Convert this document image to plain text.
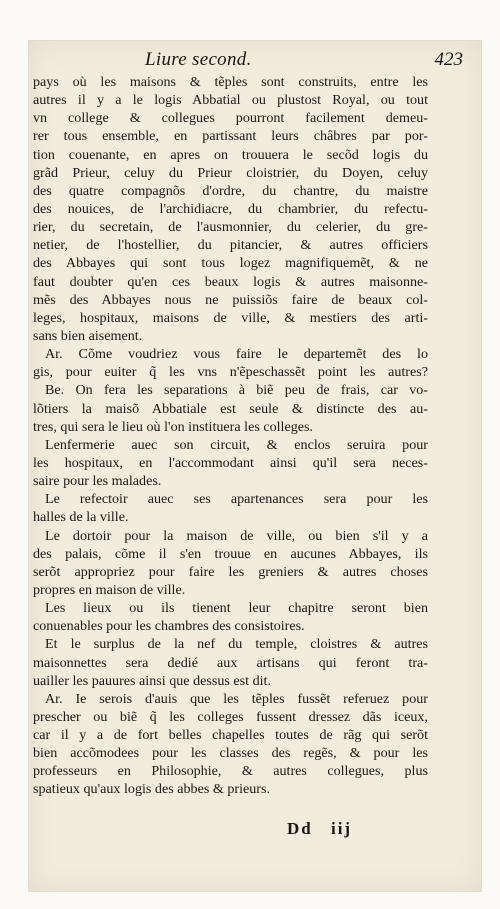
Liure second.	423
pays où les maisons & tẽples sont construits, entre les
autres il y a le logis Abbatial ou plustost Royal, ou tout
vn college & collegues pourront facilement demeu-
rer tous ensemble, en partissant leurs châbres par por-
tion couenante, en apres on trouuera le secõd logis du
grãd Prieur, celuy du Prieur cloistrier, du Doyen, celuy
des quatre compagnõs d'ordre, du chantre, du maistre
des nouices, de l'archidiacre, du chambrier, du refectu-
rier, du secretain, de l'ausmonnier, du celerier, du gre-
netier, de l'hostellier, du pitancier, & autres officiers
des Abbayes qui sont tous logez magnifiquemẽt, & ne
faut doubter qu'en ces beaux logis & autres maisonne-
mẽs des Abbayes nous ne puissiõs faire de beaux col-
leges, hospitaux, maisons de ville, & mestiers des arti-
sans bien aisement.
Ar. Cõme voudriez vous faire le departemẽt des lo
gis, pour euiter q̃ les vns n'ẽpeschassẽt point les autres?
Be. On fera les separations à biẽ peu de frais, car vo-
lõtiers la maisõ Abbatiale est seule & distincte des au-
tres, qui sera le lieu où l'on instituera les colleges.
Lenfermerie auec son circuit, & enclos seruira pour
les hospitaux, en l'accommodant ainsi qu'il sera neces-
saire pour les malades.
Le refectoir auec ses apartenances sera pour les
halles de la ville.
Le dortoir pour la maison de ville, ou bien s'il y a
des palais, cõme il s'en trouue en aucunes Abbayes, ils
serõt appropriez pour faire les greniers & autres choses
propres en maison de ville.
Les lieux ou ils tienent leur chapitre seront bien
conuenables pour les chambres des consistoires.
Et le surplus de la nef du temple, cloistres & autres
maisonnettes sera dedié aux artisans qui feront tra-
uailler les pauures ainsi que dessus est dit.
Ar. Ie serois d'auis que les tẽples fussẽt referuez pour
prescher ou biẽ q̃ les colleges fussent dressez dãs iceux,
car il y a de fort belles chapelles toutes de rãg qui serõt
bien accõmodees pour les classes des regẽs, & pour les
professeurs en Philosophie, & autres collegues, plus
spatieux qu'aux logis des abbes & prieurs.
Dd iij
